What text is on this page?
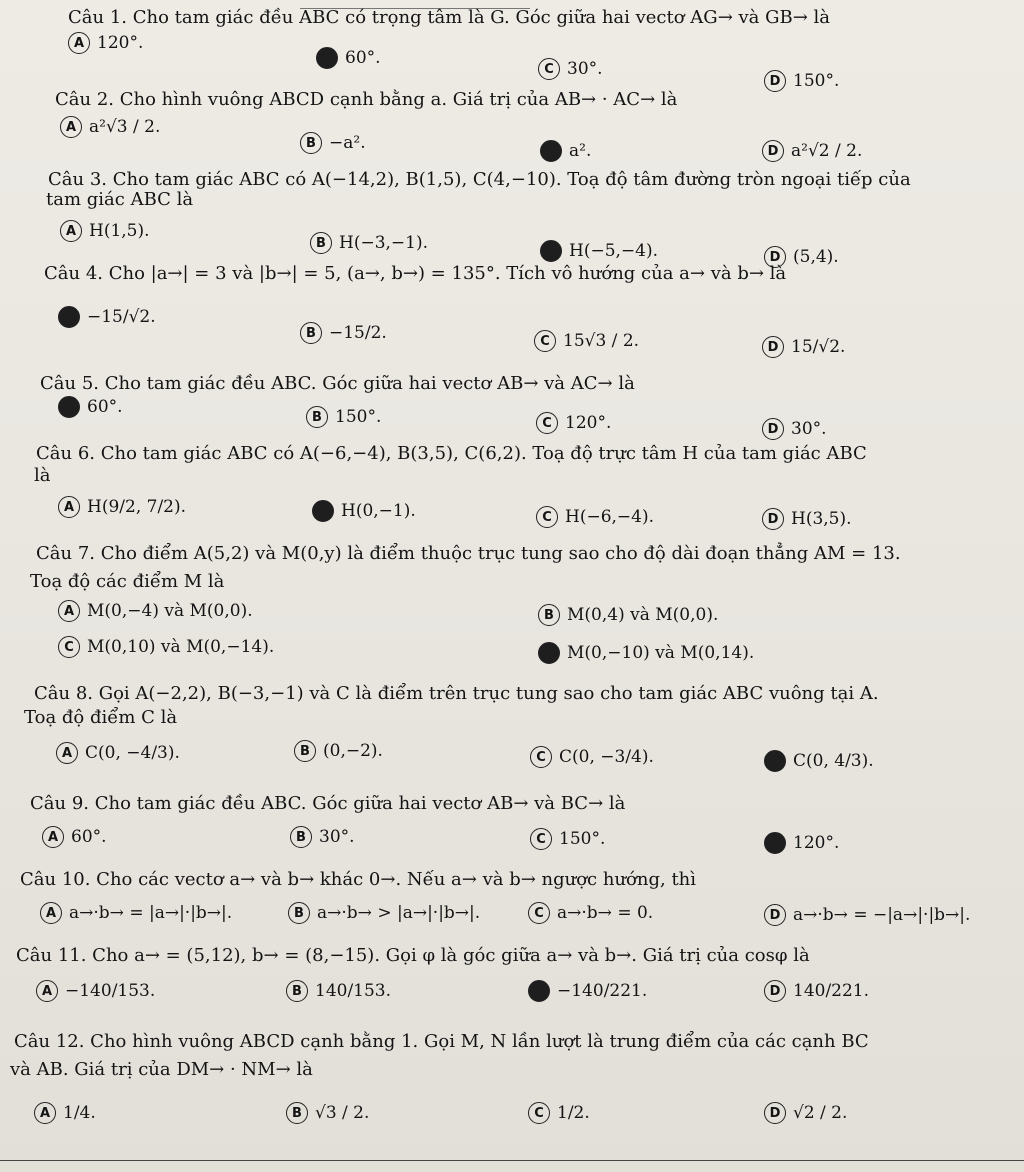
Câu 1. Cho tam giác đều ABC có trọng tâm là G. Góc giữa hai vectơ AG→ và GB→ là
A 120°.
B 60°.
C 30°.
D 150°.
Câu 2. Cho hình vuông ABCD cạnh bằng a. Giá trị của AB→ · AC→ là
A a²√3 / 2.
B −a².	C a².	D a²√2 / 2.
Câu 3. Cho tam giác ABC có A(−14,2), B(1,5), C(4,−10). Toạ độ tâm đường tròn ngoại tiếp của
tam giác ABC là
A H(1,5).
B H(−3,−1).	C H(−5,−4).	D (5,4).
Câu 4. Cho |a→| = 3 và |b→| = 5, (a→, b→) = 135°. Tích vô hướng của a→ và b→ là
A −15/√2.
B −15/2.	C 15√3 / 2.	D 15/√2.
Câu 5. Cho tam giác đều ABC. Góc giữa hai vectơ AB→ và AC→ là
A 60°.	B 150°.	C 120°.	D 30°.
Câu 6. Cho tam giác ABC có A(−6,−4), B(3,5), C(6,2). Toạ độ trực tâm H của tam giác ABC
là
A H(9/2, 7/2).	B H(0,−1).	C H(−6,−4).	D H(3,5).
Câu 7. Cho điểm A(5,2) và M(0,y) là điểm thuộc trục tung sao cho độ dài đoạn thẳng AM = 13.
Toạ độ các điểm M là
A M(0,−4) và M(0,0).	B M(0,4) và M(0,0).
C M(0,10) và M(0,−14).	D M(0,−10) và M(0,14).
Câu 8. Gọi A(−2,2), B(−3,−1) và C là điểm trên trục tung sao cho tam giác ABC vuông tại A.
Toạ độ điểm C là
A C(0, −4/3).	B (0,−2).	C C(0, −3/4).	D C(0, 4/3).
Câu 9. Cho tam giác đều ABC. Góc giữa hai vectơ AB→ và BC→ là
A 60°.	B 30°.	C 150°.	D 120°.
Câu 10. Cho các vectơ a→ và b→ khác 0→. Nếu a→ và b→ ngược hướng, thì
A a→·b→ = |a→|·|b→|.	B a→·b→ > |a→|·|b→|.	C a→·b→ = 0.	D a→·b→ = −|a→|·|b→|.
Câu 11. Cho a→ = (5,12), b→ = (8,−15). Gọi φ là góc giữa a→ và b→. Giá trị của cosφ là
A −140/153.	B 140/153.	C −140/221.	D 140/221.
Câu 12. Cho hình vuông ABCD cạnh bằng 1. Gọi M, N lần lượt là trung điểm của các cạnh BC
và AB. Giá trị của DM→ · NM→ là
A 1/4.	B √3 / 2.	C 1/2.	D √2 / 2.
